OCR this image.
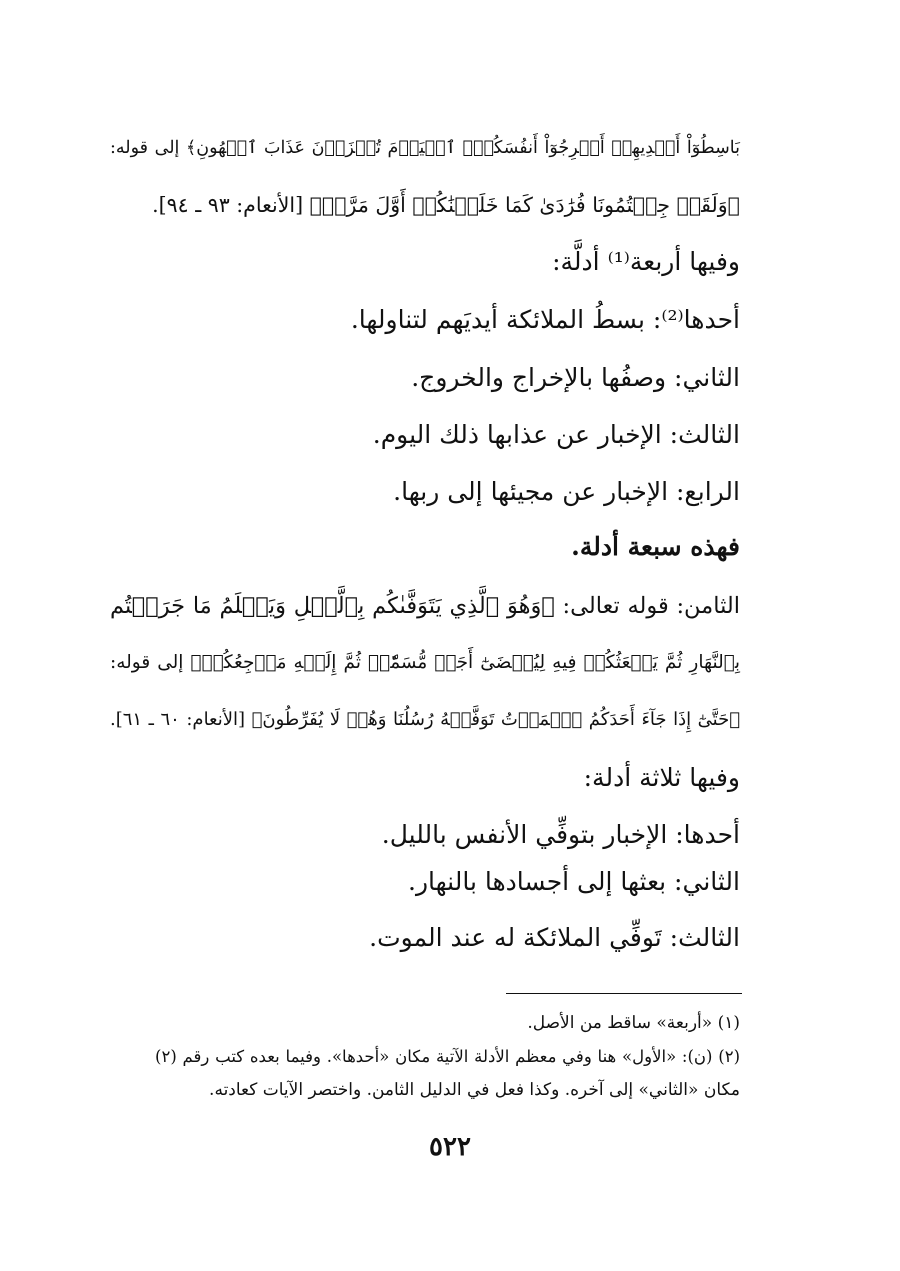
بَاسِطُوٓاْ أَيۡدِيهِمۡ أَخۡرِجُوٓاْ أَنفُسَكُمُۖ ٱلۡيَوۡمَ تُجۡزَوۡنَ عَذَابَ ٱلۡهُونِ﴾ إلى قوله:
﴿وَلَقَدۡ جِئۡتُمُونَا فُرَٰدَىٰ كَمَا خَلَقۡنَٰكُمۡ أَوَّلَ مَرَّةٖ﴾ [الأنعام: ٩٣ ـ ٩٤].
وفيها أربعة⁽¹⁾ أدلَّة:
أحدها⁽²⁾: بسطُ الملائكة أيديَهم لتناولها.
الثاني: وصفُها بالإخراج والخروج.
الثالث: الإخبار عن عذابها ذلك اليوم.
الرابع: الإخبار عن مجيئها إلى ربها.
فهذه سبعة أدلة.
الثامن: قوله تعالى: ﴿وَهُوَ ٱلَّذِي يَتَوَفَّىٰكُم بِٱلَّيۡلِ وَيَعۡلَمُ مَا جَرَحۡتُم
بِٱلنَّهَارِ ثُمَّ يَبۡعَثُكُمۡ فِيهِ لِيُقۡضَىٰٓ أَجَلٞ مُّسَمّٗىۖ ثُمَّ إِلَيۡهِ مَرۡجِعُكُمۡ﴾ إلى قوله:
﴿حَتَّىٰٓ إِذَا جَآءَ أَحَدَكُمُ ٱلۡمَوۡتُ تَوَفَّتۡهُ رُسُلُنَا وَهُمۡ لَا يُفَرِّطُونَ﴾ [الأنعام: ٦٠ ـ ٦١].
وفيها ثلاثة أدلة:
أحدها: الإخبار بتوفِّي الأنفس بالليل.
الثاني: بعثها إلى أجسادها بالنهار.
الثالث: تَوفِّي الملائكة له عند الموت.
(١) «أربعة» ساقط من الأصل.
(٢) (ن): «الأول» هنا وفي معظم الأدلة الآتية مكان «أحدها». وفيما بعده كتب رقم (٢)
مكان «الثاني» إلى آخره. وكذا فعل في الدليل الثامن. واختصر الآيات كعادته.
٥٢٢
